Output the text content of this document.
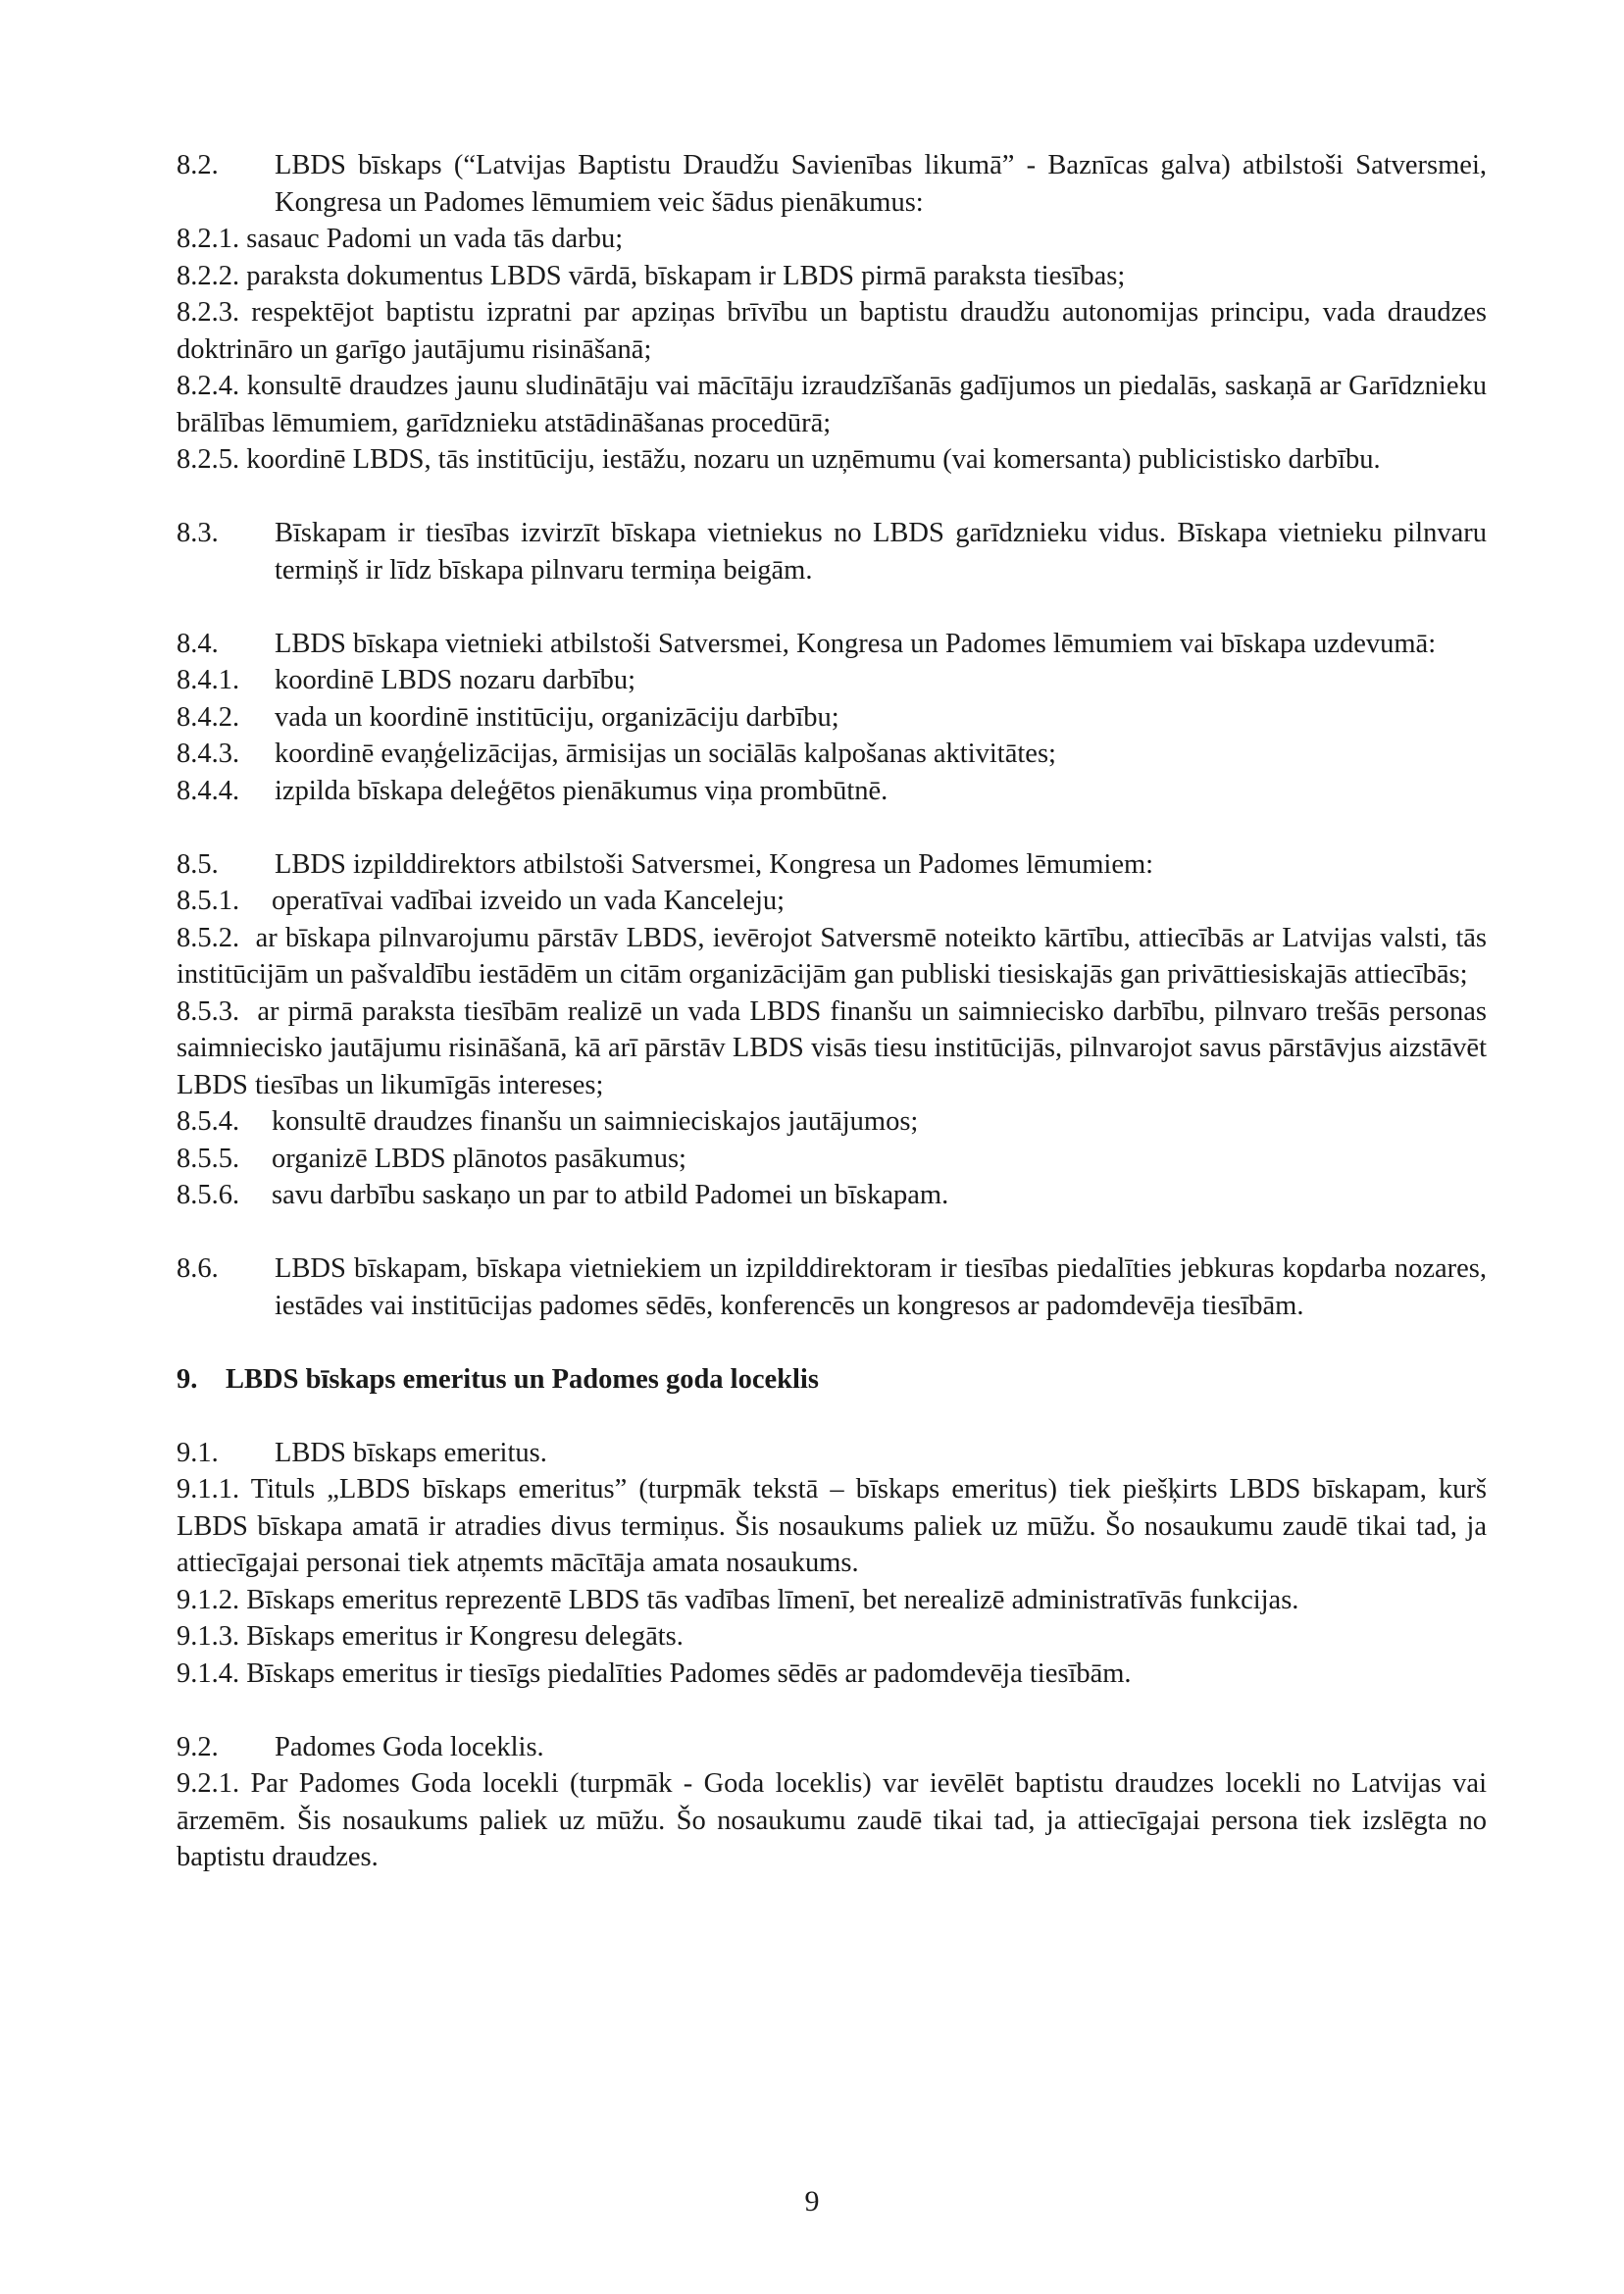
8.2.	LBDS bīskaps (“Latvijas Baptistu Draudžu Savienības likumā” - Baznīcas galva) atbilstoši Satversmei, Kongresa un Padomes lēmumiem veic šādus pienākumus:

8.2.1. sasauc Padomi un vada tās darbu;

8.2.2. paraksta dokumentus LBDS vārdā, bīskapam ir LBDS pirmā paraksta tiesības;

8.2.3. respektējot baptistu izpratni par apziņas brīvību un baptistu draudžu autonomijas principu, vada draudzes doktrināro un garīgo jautājumu risināšanā;

8.2.4. konsultē draudzes jaunu sludinātāju vai mācītāju izraudzīšanās gadījumos un piedalās, saskaņā ar Garīdznieku brālības lēmumiem, garīdznieku atstādināšanas procedūrā;

8.2.5. koordinē LBDS, tās institūciju, iestāžu, nozaru un uzņēmumu (vai komersanta) publicistisko darbību.

8.3.	Bīskapam ir tiesības izvirzīt bīskapa vietniekus no LBDS garīdznieku vidus. Bīskapa vietnieku pilnvaru termiņš ir līdz bīskapa pilnvaru termiņa beigām.
8.4.	LBDS bīskapa vietnieki atbilstoši Satversmei, Kongresa un Padomes lēmumiem vai bīskapa uzdevumā:
8.4.1.	koordinē LBDS nozaru darbību;
8.4.2.	vada un koordinē institūciju, organizāciju darbību;
8.4.3.	koordinē evaņģelizācijas, ārmisijas un sociālās kalpošanas aktivitātes;
8.4.4.	izpilda bīskapa deleģētos pienākumus viņa prombūtnē.
8.5.	LBDS izpilddirektors atbilstoši Satversmei, Kongresa un Padomes lēmumiem:
8.5.1.	operatīvai vadībai izveido un vada Kanceleju;

8.5.2. ar bīskapa pilnvarojumu pārstāv LBDS, ievērojot Satversmē noteikto kārtību, attiecībās ar Latvijas valsti, tās institūcijām un pašvaldību iestādēm un citām organizācijām gan publiski tiesiskajās gan privāttiesiskajās attiecībās;

8.5.3. ar pirmā paraksta tiesībām realizē un vada LBDS finanšu un saimniecisko darbību, pilnvaro trešās personas saimniecisko jautājumu risināšanā, kā arī pārstāv LBDS visās tiesu institūcijās, pilnvarojot savus pārstāvjus aizstāvēt LBDS tiesības un likumīgās intereses;

8.5.4.	konsultē draudzes finanšu un saimnieciskajos jautājumos;
8.5.5.	organizē LBDS plānotos pasākumus;
8.5.6.	savu darbību saskaņo un par to atbild Padomei un bīskapam.
8.6.	LBDS bīskapam, bīskapa vietniekiem un izpilddirektoram ir tiesības piedalīties jebkuras kopdarba nozares, iestādes vai institūcijas padomes sēdēs, konferencēs un kongresos ar padomdevēja tiesībām.

9. LBDS bīskaps emeritus un Padomes goda loceklis

9.1.	LBDS bīskaps emeritus.

9.1.1. Tituls „LBDS bīskaps emeritus” (turpmāk tekstā – bīskaps emeritus) tiek piešķirts LBDS bīskapam, kurš LBDS bīskapa amatā ir atradies divus termiņus. Šis nosaukums paliek uz mūžu. Šo nosaukumu zaudē tikai tad, ja attiecīgajai personai tiek atņemts mācītāja amata nosaukums.

9.1.2. Bīskaps emeritus reprezentē LBDS tās vadības līmenī, bet nerealizē administratīvās funkcijas.

9.1.3. Bīskaps emeritus ir Kongresu delegāts.

9.1.4. Bīskaps emeritus ir tiesīgs piedalīties Padomes sēdēs ar padomdevēja tiesībām.

9.2.	Padomes Goda loceklis.

9.2.1. Par Padomes Goda locekli (turpmāk - Goda loceklis) var ievēlēt baptistu draudzes locekli no Latvijas vai ārzemēm. Šis nosaukums paliek uz mūžu. Šo nosaukumu zaudē tikai tad, ja attiecīgajai persona tiek izslēgta no baptistu draudzes.

9
